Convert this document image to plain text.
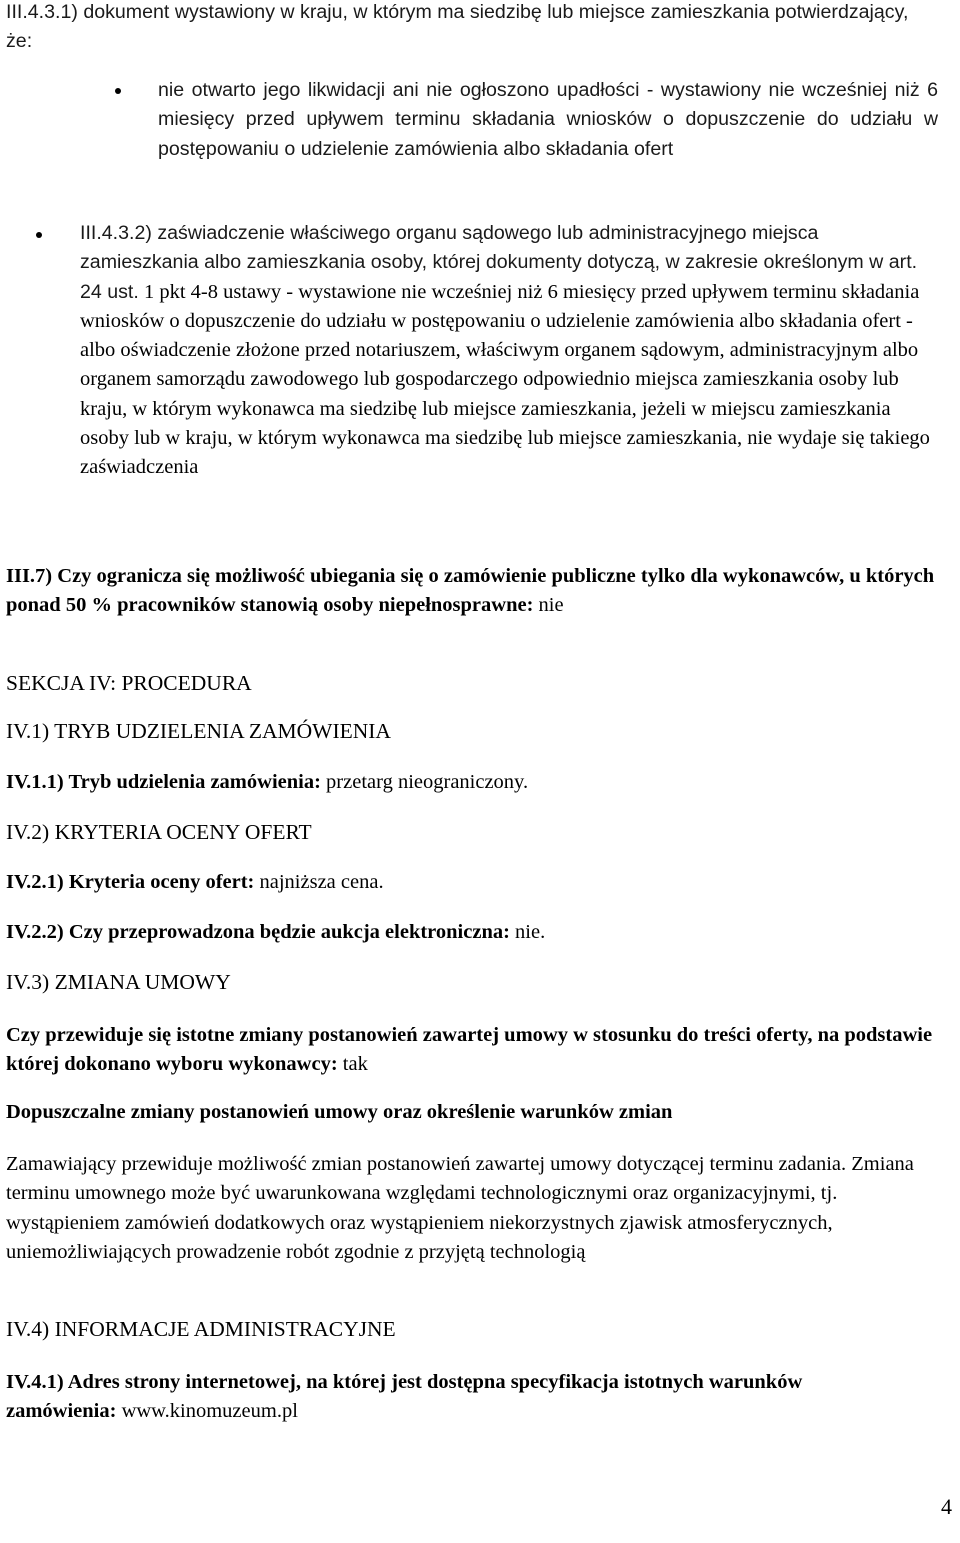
III.4.3.1) dokument wystawiony w kraju, w którym ma siedzibę lub miejsce zamieszkania potwierdzający, że:

nie otwarto jego likwidacji ani nie ogłoszono upadłości - wystawiony nie wcześniej niż 6 miesięcy przed upływem terminu składania wniosków o dopuszczenie do udziału w postępowaniu o udzielenie zamówienia albo składania ofert

III.4.3.2) zaświadczenie właściwego organu sądowego lub administracyjnego miejsca zamieszkania albo zamieszkania osoby, której dokumenty dotyczą, w zakresie określonym w art. 24 ust. 1 pkt 4-8 ustawy - wystawione nie wcześniej niż 6 miesięcy przed upływem terminu składania wniosków o dopuszczenie do udziału w postępowaniu o udzielenie zamówienia albo składania ofert - albo oświadczenie złożone przed notariuszem, właściwym organem sądowym, administracyjnym albo organem samorządu zawodowego lub gospodarczego odpowiednio miejsca zamieszkania osoby lub kraju, w którym wykonawca ma siedzibę lub miejsce zamieszkania, jeżeli w miejscu zamieszkania osoby lub w kraju, w którym wykonawca ma siedzibę lub miejsce zamieszkania, nie wydaje się takiego zaświadczenia

III.7) Czy ogranicza się możliwość ubiegania się o zamówienie publiczne tylko dla wykonawców, u których ponad 50 % pracowników stanowią osoby niepełnosprawne: nie

SEKCJA IV: PROCEDURA

IV.1) TRYB UDZIELENIA ZAMÓWIENIA

IV.1.1) Tryb udzielenia zamówienia: przetarg nieograniczony.

IV.2) KRYTERIA OCENY OFERT

IV.2.1) Kryteria oceny ofert: najniższa cena.

IV.2.2) Czy przeprowadzona będzie aukcja elektroniczna: nie.

IV.3) ZMIANA UMOWY

Czy przewiduje się istotne zmiany postanowień zawartej umowy w stosunku do treści oferty, na podstawie której dokonano wyboru wykonawcy: tak

Dopuszczalne zmiany postanowień umowy oraz określenie warunków zmian

Zamawiający przewiduje możliwość zmian postanowień zawartej umowy dotyczącej terminu zadania. Zmiana terminu umownego może być uwarunkowana względami technologicznymi oraz organizacyjnymi, tj. wystąpieniem zamówień dodatkowych oraz wystąpieniem niekorzystnych zjawisk atmosferycznych, uniemożliwiających prowadzenie robót zgodnie z przyjętą technologią

IV.4) INFORMACJE ADMINISTRACYJNE

IV.4.1) Adres strony internetowej, na której jest dostępna specyfikacja istotnych warunków zamówienia: www.kinomuzeum.pl

4
